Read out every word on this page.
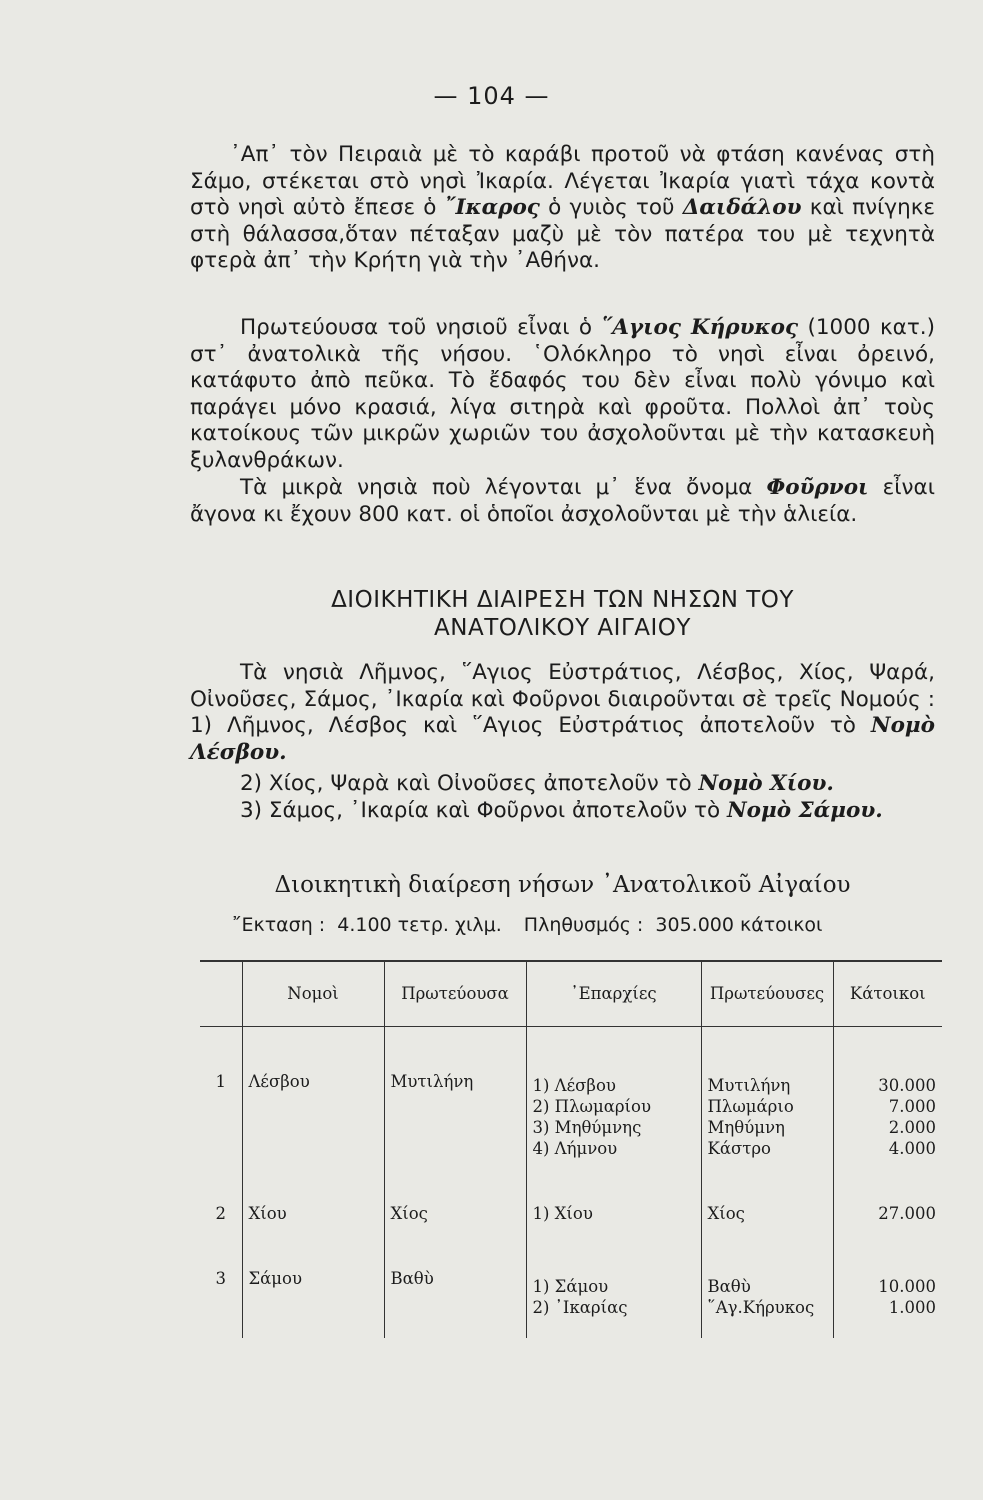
— 104 —

᾿Απ᾿ τὸν Πειραιὰ μὲ τὸ καράβι προτοῦ νὰ φτάση κανένας στὴ Σάμο, στέκεται στὸ νησὶ Ἰκαρία. Λέγεται Ἰκαρία γιατὶ τάχα κοντὰ στὸ νησὶ αὐτὸ ἔπεσε ὁ ῎Ικαρος ὁ γυιὸς τοῦ Δαιδάλου καὶ πνίγηκε στὴ θάλασσα,ὅταν πέταξαν μαζὺ μὲ τὸν πατέρα του μὲ τεχνητὰ φτερὰ ἀπ᾿ τὴν Κρήτη γιὰ τὴν ᾿Αθήνα.

Πρωτεύουσα τοῦ νησιοῦ εἶναι ὁ ῞Αγιος Κήρυκος (1000 κατ.) στ᾿ ἀνατολικὰ τῆς νήσου. ῾Ολόκληρο τὸ νησὶ εἶναι ὀρεινό, κατάφυτο ἀπὸ πεῦκα. Τὸ ἔδαφός του δὲν εἶναι πολὺ γόνιμο καὶ παράγει μόνο κρασιά, λίγα σιτηρὰ καὶ φροῦτα. Πολλοὶ ἀπ᾿ τοὺς κατοίκους τῶν μικρῶν χωριῶν του ἀσχολοῦνται μὲ τὴν κατασκευὴ ξυλανθράκων.

Τὰ μικρὰ νησιὰ ποὺ λέγονται μ᾿ ἕνα ὄνομα Φοῦρνοι εἶναι ἄγονα κι ἔχουν 800 κατ. οἱ ὁποῖοι ἀσχολοῦνται μὲ τὴν ἁλιεία.

ΔΙΟΙΚΗΤΙΚΗ ΔΙΑΙΡΕΣΗ ΤΩΝ ΝΗΣΩΝ ΤΟΥ
ΑΝΑΤΟΛΙΚΟΥ ΑΙΓΑΙΟΥ

Τὰ νησιὰ Λῆμνος, ῞Αγιος Εὐστράτιος, Λέσβος, Χίος, Ψαρά, Οἰνοῦσες, Σάμος, ᾿Ικαρία καὶ Φοῦρνοι διαιροῦνται σὲ τρεῖς Νομούς : 1) Λῆμνος, Λέσβος καὶ ῞Αγιος Εὐστράτιος ἀποτελοῦν τὸ Νομὸ Λέσβου.

2) Χίος, Ψαρὰ καὶ Οἰνοῦσες ἀποτελοῦν τὸ Νομὸ Χίου.

3) Σάμος, ᾿Ικαρία καὶ Φοῦρνοι ἀποτελοῦν τὸ Νομὸ Σάμου.

Διοικητικὴ διαίρεση νήσων ᾿Ανατολικοῦ Αἰγαίου
῎Εκταση : 4.100 τετρ. χιλμ. Πληθυσμός : 305.000 κάτοικοι
	Νομοὶ	Πρωτεύουσα	᾿Επαρχίες	Πρωτεύουσες	Κάτοικοι

1	Λέσβου	Μυτιλήνη	1) Λέσβου
2) Πλωμαρίου
3) Μηθύμνης
4) Λήμνου	Μυτιλήνη
Πλωμάριο
Μηθύμνη
Κάστρο	30.000
7.000
2.000
4.000

2	Χίου	Χίος	1) Χίου	Χίος	27.000

3	Σάμου	Βαθὺ	1) Σάμου
2) ᾿Ικαρίας	Βαθὺ
῞Αγ.Κήρυκος	10.000
1.000
